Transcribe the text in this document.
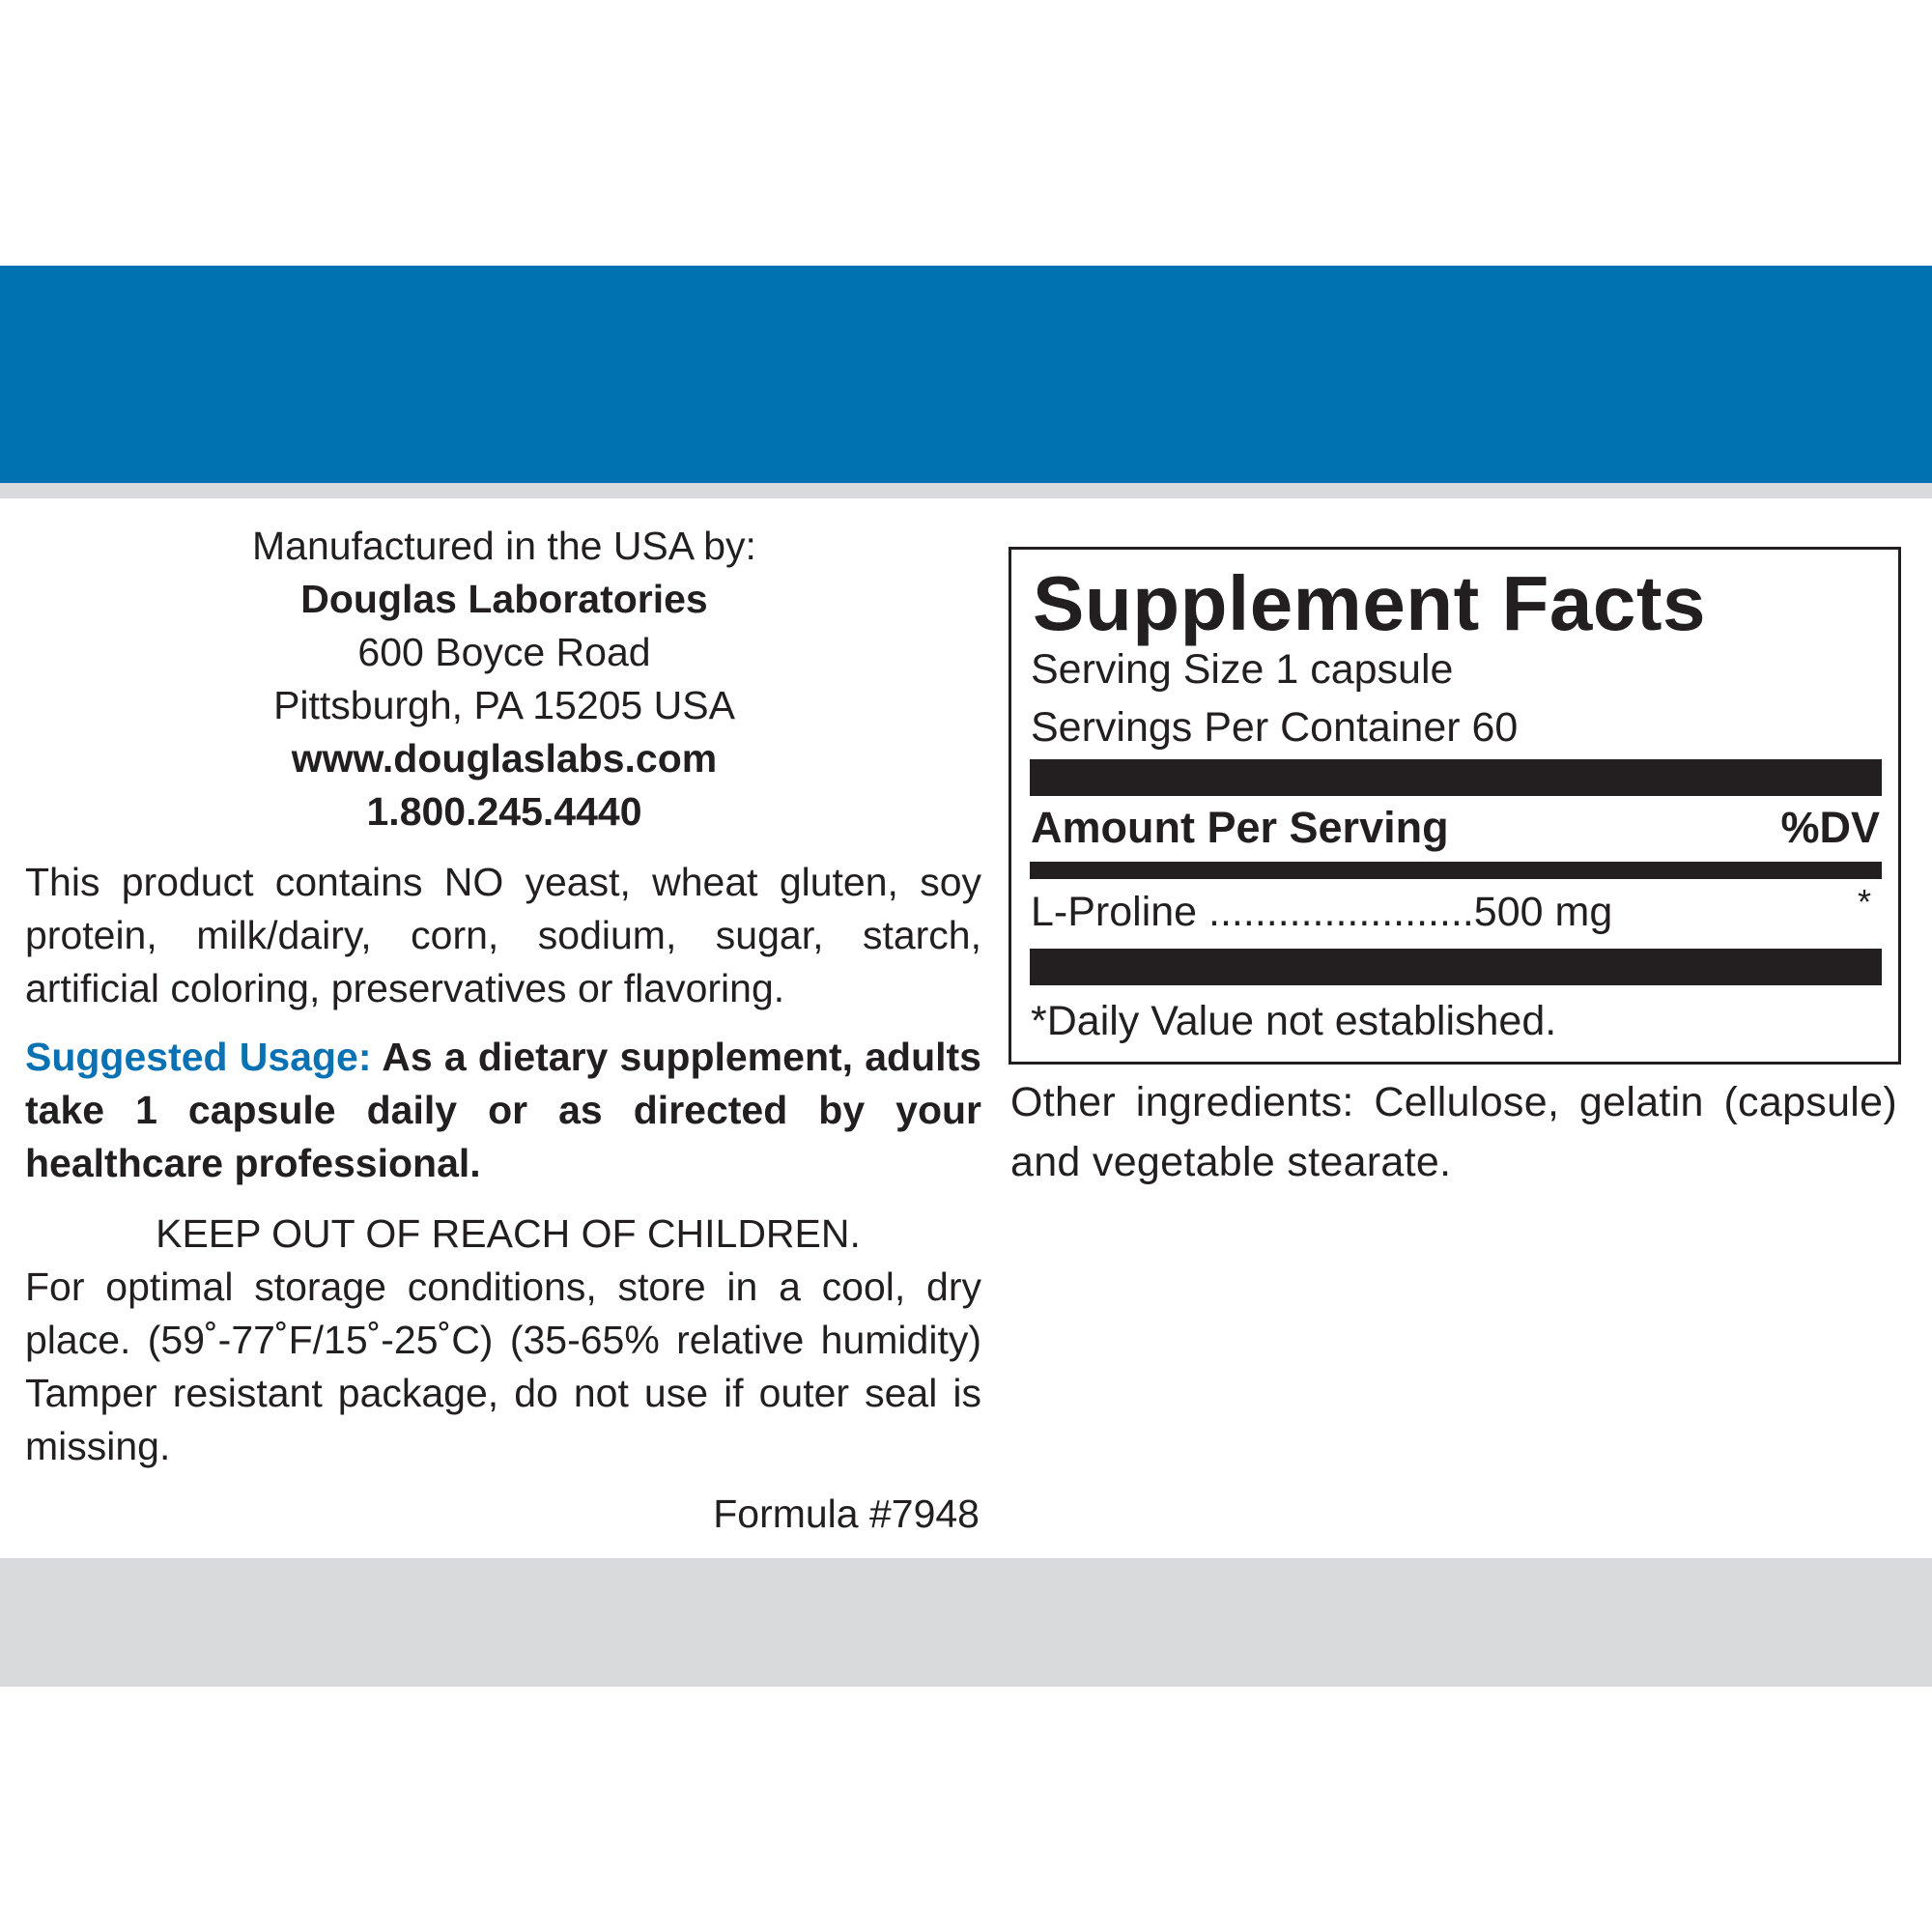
Manufactured in the USA by:
Douglas Laboratories
600 Boyce Road
Pittsburgh, PA 15205 USA
www.douglaslabs.com
1.800.245.4440
This product contains NO yeast, wheat gluten, soy protein, milk/dairy, corn, sodium, sugar, starch, artificial coloring, preservatives or flavoring.
Suggested Usage: As a dietary supplement, adults take 1 capsule daily or as directed by your healthcare professional.
KEEP OUT OF REACH OF CHILDREN.
For optimal storage conditions, store in a cool, dry place. (59˚-77˚F/15˚-25˚C) (35-65% relative humidity) Tamper resistant package, do not use if outer seal is missing.
Formula #7948
Supplement Facts
Serving Size 1 capsule
Servings Per Container 60
Amount Per Serving	%DV
L-Proline .......................500 mg	*
*Daily Value not established.
Other ingredients: Cellulose, gelatin (capsule) and vegetable stearate.
